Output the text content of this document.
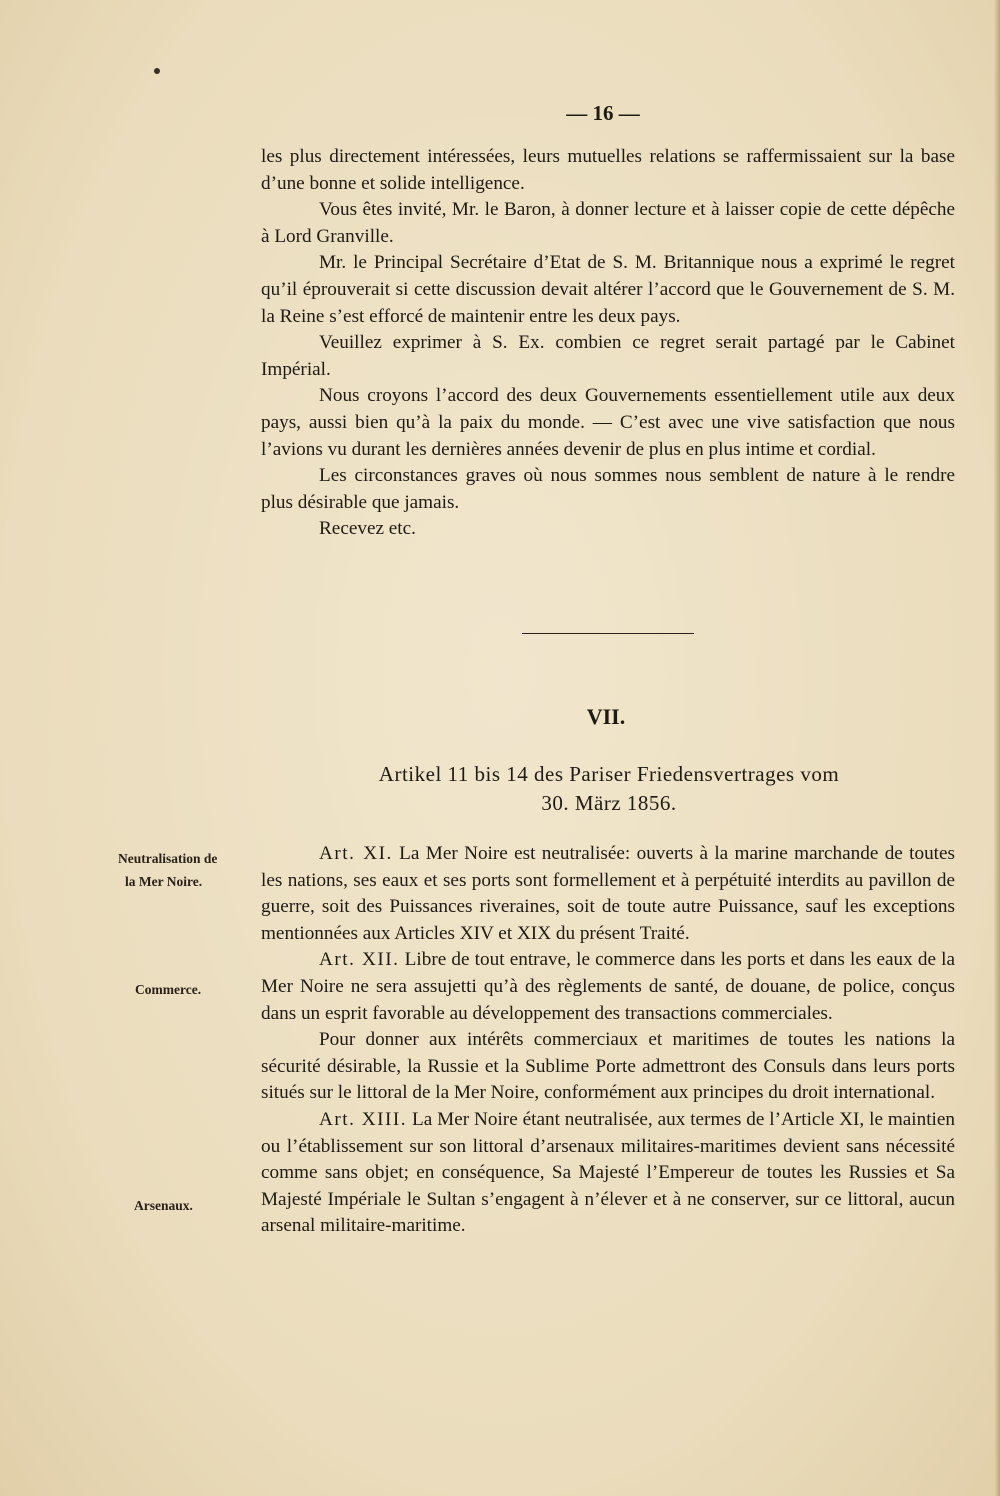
— 16 —

les plus directement intéressées, leurs mutuelles relations se raffermissaient sur la base d’une bonne et solide intelligence.

Vous êtes invité, Mr. le Baron, à donner lecture et à laisser copie de cette dépêche à Lord Granville.

Mr. le Principal Secrétaire d’Etat de S. M. Britannique nous a exprimé le regret qu’il éprouverait si cette discussion devait altérer l’accord que le Gouvernement de S. M. la Reine s’est efforcé de maintenir entre les deux pays.

Veuillez exprimer à S. Ex. combien ce regret serait partagé par le Cabinet Impérial.

Nous croyons l’accord des deux Gouvernements essentiellement utile aux deux pays, aussi bien qu’à la paix du monde. — C’est avec une vive satisfaction que nous l’avions vu durant les dernières années devenir de plus en plus intime et cordial.

Les circonstances graves où nous sommes nous semblent de nature à le rendre plus désirable que jamais.

Recevez etc.

VII.
Artikel 11 bis 14 des Pariser Friedensvertrages vom
30. März 1856.
Neutralisation de
la Mer Noire.
Commerce.
Arsenaux.

Art. XI. La Mer Noire est neutralisée: ouverts à la marine marchande de toutes les nations, ses eaux et ses ports sont formellement et à perpétuité interdits au pavillon de guerre, soit des Puissances riveraines, soit de toute autre Puissance, sauf les exceptions mentionnées aux Articles XIV et XIX du présent Traité.

Art. XII. Libre de tout entrave, le commerce dans les ports et dans les eaux de la Mer Noire ne sera assujetti qu’à des règlements de santé, de douane, de police, conçus dans un esprit favorable au développement des transactions commerciales.

Pour donner aux intérêts commerciaux et maritimes de toutes les nations la sécurité désirable, la Russie et la Sublime Porte admettront des Consuls dans leurs ports situés sur le littoral de la Mer Noire, conformément aux principes du droit international.

Art. XIII. La Mer Noire étant neutralisée, aux termes de l’Article XI, le maintien ou l’établissement sur son littoral d’arsenaux militaires-maritimes devient sans nécessité comme sans objet; en conséquence, Sa Majesté l’Empereur de toutes les Russies et Sa Majesté Impériale le Sultan s’engagent à n’élever et à ne conserver, sur ce littoral, aucun arsenal militaire-maritime.
